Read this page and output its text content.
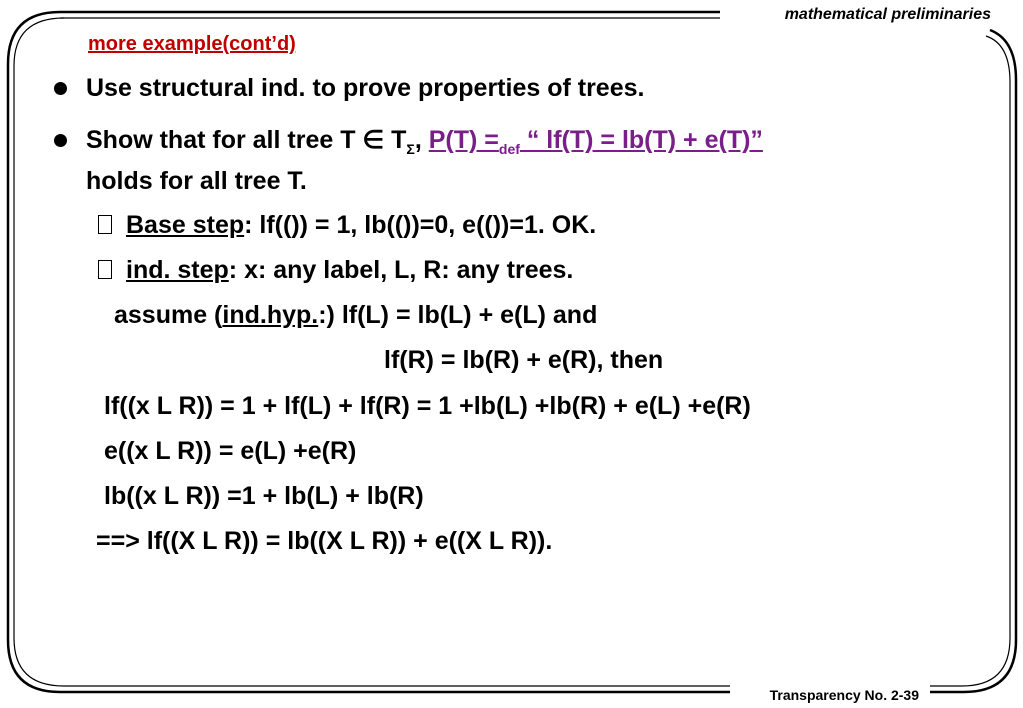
mathematical preliminaries
Transparency No. 2-39
more example(cont’d)
Use structural ind. to prove properties of trees.
Show that for all tree T ∈ $T_\Sigma$, $P(T) =_{def}$ “ lf(T) = lb(T) + e(T)”
holds for all tree T.
Base step: lf(()) = 1, lb(())=0, e(())=1. OK.
ind. step: x: any label, L, R: any trees.
assume (ind.hyp.:) lf(L) = lb(L) + e(L) and
lf(R) = lb(R) + e(R), then
lf((x L R)) = 1 + lf(L) + lf(R) = 1 +lb(L) +lb(R) + e(L) +e(R)
e((x L R)) = e(L) +e(R)
lb((x L R)) =1 + lb(L) + lb(R)
==> lf((X L R)) = lb((X L R)) + e((X L R)).
